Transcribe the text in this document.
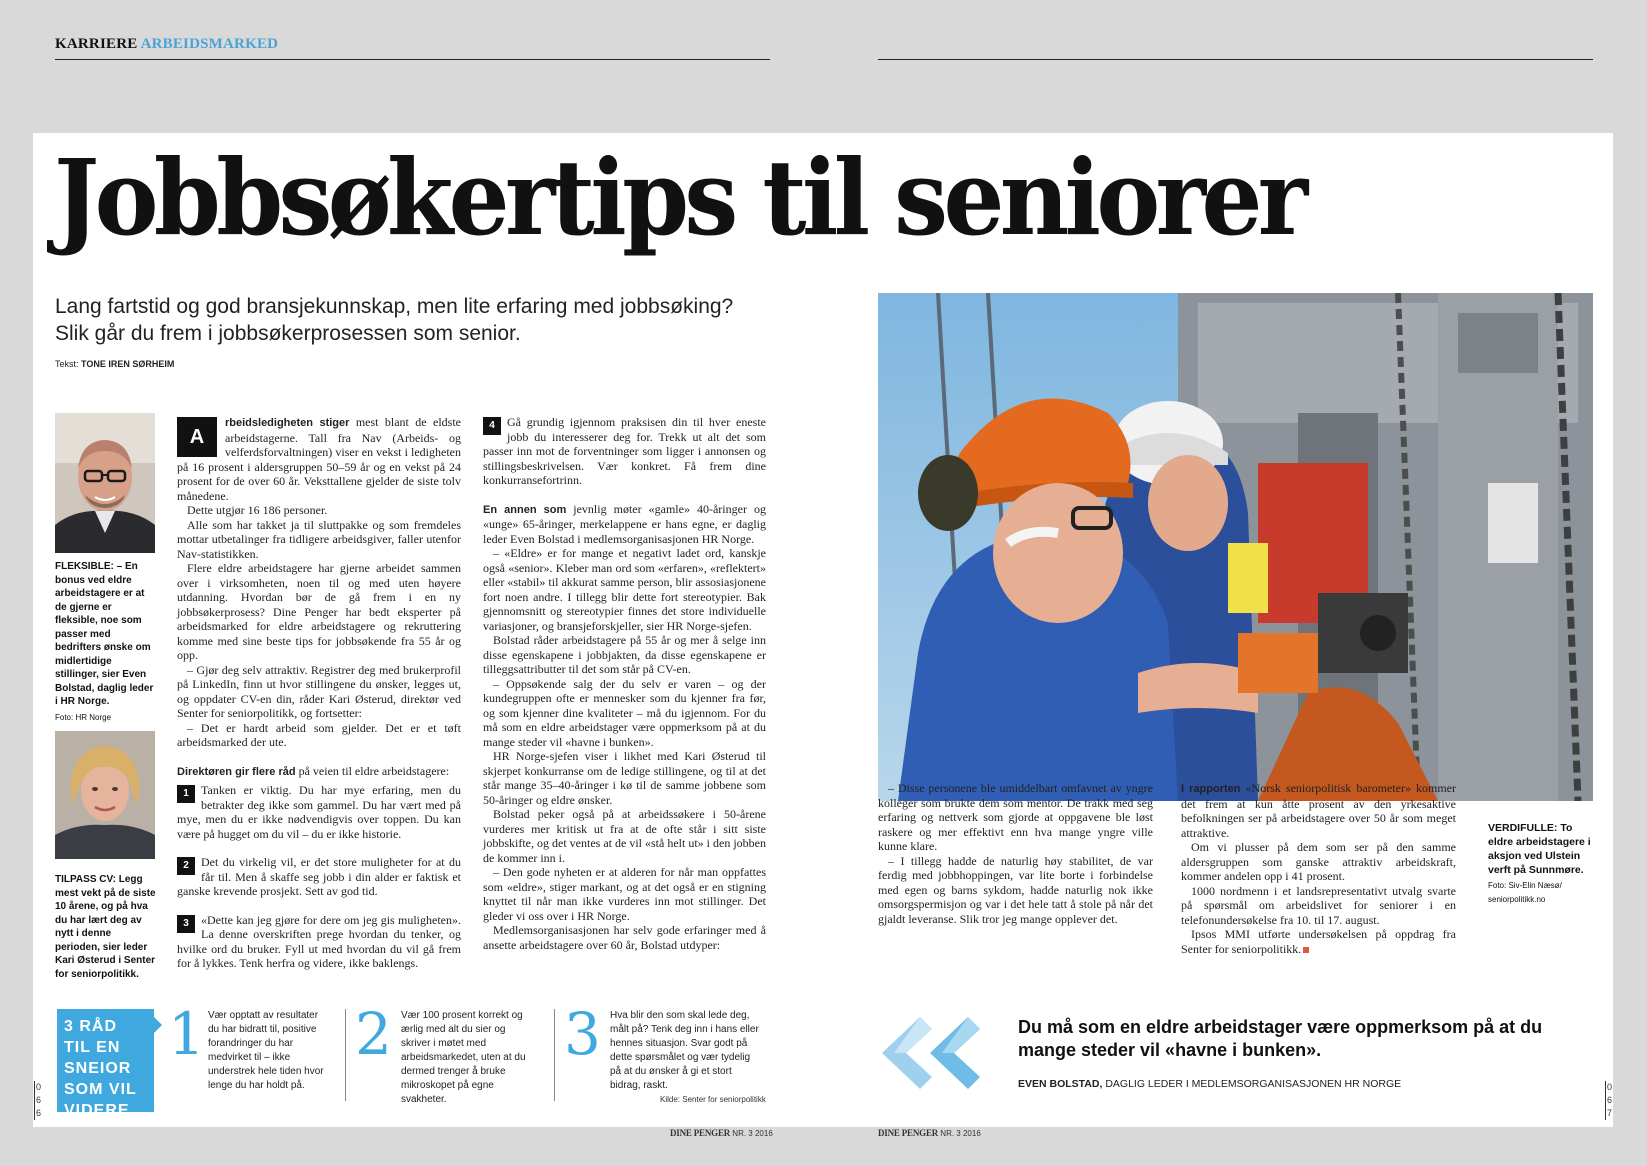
KARRIERE ARBEIDSMARKED
Jobbsøkertips til seniorer
Lang fartstid og god bransjekunnskap, men lite erfaring med jobbsøking?
Slik går du frem i jobbsøkerprosessen som senior.
Tekst: TONE IREN SØRHEIM
FLEKSIBLE: – En bonus ved eldre arbeidstagere er at de gjerne er fleksible, noe som passer med bedrifters ønske om midlertidige stillinger, sier Even Bolstad, daglig leder i HR Norge.
Foto: HR Norge
TILPASS CV: Legg mest vekt på de siste 10 årene, og på hva du har lært deg av nytt i denne perioden, sier leder Kari Østerud i Senter for seniorpolitikk.

A
rbeidsledigheten stiger mest blant de eldste arbeidstagerne. Tall fra Nav (Arbeids- og velferdsforvaltningen) viser en vekst i ledigheten på 16 prosent i aldersgruppen 50–59 år og en vekst på 24 prosent for de over 60 år. Veksttallene gjelder de siste tolv månedene.

Dette utgjør 16 186 personer.

Alle som har takket ja til sluttpakke og som fremdeles mottar utbetalinger fra tidligere arbeidsgiver, faller utenfor Nav-statistikken.

Flere eldre arbeidstagere har gjerne arbeidet sammen over i virksomheten, noen til og med uten høyere utdanning. Hvordan bør de gå frem i en ny jobbsøkerprosess? Dine Penger har bedt eksperter på arbeidsmarked for eldre arbeidstagere og rekruttering komme med sine beste tips for jobbsøkende fra 55 år og opp.

– Gjør deg selv attraktiv. Registrer deg med brukerprofil på LinkedIn, finn ut hvor stillingene du ønsker, legges ut, og oppdater CV-en din, råder Kari Østerud, direktør ved Senter for seniorpolitikk, og fortsetter:

– Det er hardt arbeid som gjelder. Det er et tøft arbeidsmarked der ute.

Direktøren gir flere råd på veien til eldre arbeidstagere:

1	Tanken er viktig. Du har mye erfaring, men du betrakter deg ikke som gammel. Du har vært med på mye, men du er ikke nødvendigvis over toppen. Du kan være på hugget om du vil – du er ikke historie.

2	Det du virkelig vil, er det store muligheter for at du får til. Men å skaffe seg jobb i din alder er faktisk et ganske krevende prosjekt. Sett av god tid.

3	«Dette kan jeg gjøre for dere om jeg gis muligheten». La denne overskriften prege hvordan du tenker, og hvilke ord du bruker. Fyll ut med hvordan du vil gå frem for å lykkes. Tenk herfra og videre, ikke baklengs.

4	Gå grundig igjennom praksisen din til hver eneste jobb du interesserer deg for. Trekk ut alt det som passer inn mot de forventninger som ligger i annonsen og stillingsbeskrivelsen. Vær konkret. Få frem dine konkurransefortrinn.

En annen som jevnlig møter «gamle» 40-åringer og «unge» 65-åringer, merkelappene er hans egne, er daglig leder Even Bolstad i medlemsorganisasjonen HR Norge.

– «Eldre» er for mange et negativt ladet ord, kanskje også «senior». Kleber man ord som «erfaren», «reflektert» eller «stabil» til akkurat samme person, blir assosiasjonene fort noen andre. I tillegg blir dette fort stereotypier. Bak gjennomsnitt og stereotypier finnes det store individuelle variasjoner, og bransjeforskjeller, sier HR Norge-sjefen.

Bolstad råder arbeidstagere på 55 år og mer å selge inn disse egenskapene i jobbjakten, da disse egenskapene er tilleggsattributter til det som står på CV-en.

– Oppsøkende salg der du selv er varen – og der kundegruppen ofte er mennesker som du kjenner fra før, og som kjenner dine kvaliteter – må du igjennom. For du må som en eldre arbeidstager være oppmerksom på at du mange steder vil «havne i bunken».

HR Norge-sjefen viser i likhet med Kari Østerud til skjerpet konkurranse om de ledige stillingene, og til at det står mange 35–40-åringer i kø til de samme jobbene som 50-åringer og eldre ønsker.

Bolstad peker også på at arbeidssøkere i 50-årene vurderes mer kritisk ut fra at de ofte står i sitt siste jobbskifte, og det ventes at de vil «stå helt ut» i den jobben de kommer inn i.

– Den gode nyheten er at alderen for når man oppfattes som «eldre», stiger markant, og at det også er en stigning knyttet til når man ikke vurderes inn mot stillinger. Det gleder vi oss over i HR Norge.

Medlemsorganisasjonen har selv gode erfaringer med å ansette arbeidstagere over 60 år, Bolstad utdyper:

– Disse personene ble umiddelbart omfavnet av yngre kolleger som brukte dem som mentor. De trakk med seg erfaring og nettverk som gjorde at oppgavene ble løst raskere og mer effektivt enn hva mange yngre ville kunne klare.

– I tillegg hadde de naturlig høy stabilitet, de var ferdig med jobbhoppingen, var lite borte i forbindelse med egen og barns sykdom, hadde naturlig nok ikke omsorgspermisjon og var i det hele tatt å stole på når det gjaldt leveranse. Slik tror jeg mange opplever det.

I rapporten «Norsk seniorpolitisk barometer» kommer det frem at kun åtte prosent av den yrkesaktive befolkningen ser på arbeidstagere over 50 år som meget attraktive.

Om vi plusser på dem som ser på den samme aldersgruppen som ganske attraktiv arbeidskraft, kommer andelen opp i 41 prosent.

1000 nordmenn i et landsrepresentativt utvalg svarte på spørsmål om arbeidslivet for seniorer i en telefonundersøkelse fra 10. til 17. august.

Ipsos MMI utførte undersøkelsen på oppdrag fra Senter for seniorpolitikk.

VERDIFULLE: To eldre arbeidstagere i aksjon ved Ulstein verft på Sunnmøre.
Foto: Siv-Elin Næsø/ seniorpolitikk.no
3 RÅD TIL EN SNEIOR SOM VIL VIDERE
1 Vær opptatt av resultater du har bidratt til, positive forandringer du har medvirket til – ikke understrek hele tiden hvor lenge du har holdt på.
2 Vær 100 prosent korrekt og ærlig med alt du sier og skriver i møtet med arbeidsmarkedet, uten at du dermed trenger å bruke mikroskopet på egne svakheter.
3 Hva blir den som skal lede deg, målt på? Tenk deg inn i hans eller hennes situasjon. Svar godt på dette spørsmålet og vær tydelig på at du ønsker å gi et stort bidrag, raskt.
Kilde: Senter for seniorpolitikk
Du må som en eldre arbeidstager være oppmerksom på at du mange steder vil «havne i bunken».
EVEN BOLSTAD, DAGLIG LEDER I MEDLEMSORGANISASJONEN HR NORGE
0
6
6
0
6
7
DINE PENGER NR. 3 2016	DINE PENGER NR. 3 2016
